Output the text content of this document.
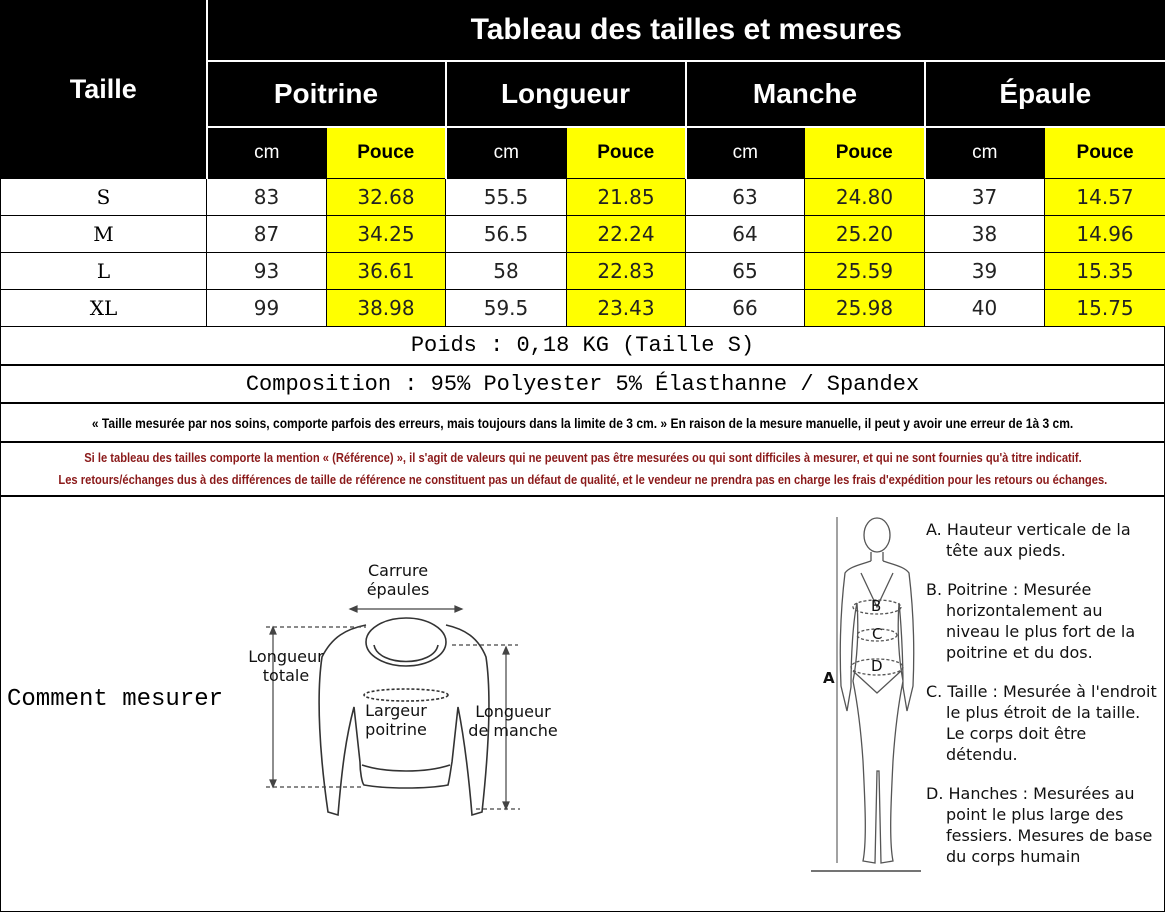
Taille	Tableau des tailles et mesures							
	Poitrine		Longueur		Manche		Épaule	
	cm	Pouce	cm	Pouce	cm	Pouce	cm	Pouce
S	83	32.68	55.5	21.85	63	24.80	37	14.57
M	87	34.25	56.5	22.24	64	25.20	38	14.96
L	93	36.61	58	22.83	65	25.59	39	15.35
XL	99	38.98	59.5	23.43	66	25.98	40	15.75
Poids : 0,18 KG (Taille S)
Composition : 95% Polyester 5% Élasthanne / Spandex
« Taille mesurée par nos soins, comporte parfois des erreurs, mais toujours dans la limite de 3 cm. » En raison de la mesure manuelle, il peut y avoir une erreur de 1à 3 cm.
Si le tableau des tailles comporte la mention « (Référence) », il s'agit de valeurs qui ne peuvent pas être mesurées ou qui sont difficiles à mesurer, et qui ne sont fournies qu'à titre indicatif.
Les retours/échanges dus à des différences de taille de référence ne constituent pas un défaut de qualité, et le vendeur ne prendra pas en charge les frais d'expédition pour les retours ou échanges.
Comment mesurer
Carrure
épaules
Longueur
totale
Largeur
poitrine
Longueur
de manche
A
B
C
D

A. Hauteur verticale de la tête aux pieds.

B. Poitrine : Mesurée horizontalement au niveau le plus fort de la poitrine et du dos.

C. Taille : Mesurée à l'endroit le plus étroit de la taille. Le corps doit être détendu.

D. Hanches : Mesurées au point le plus large des fessiers. Mesures de base du corps humain
